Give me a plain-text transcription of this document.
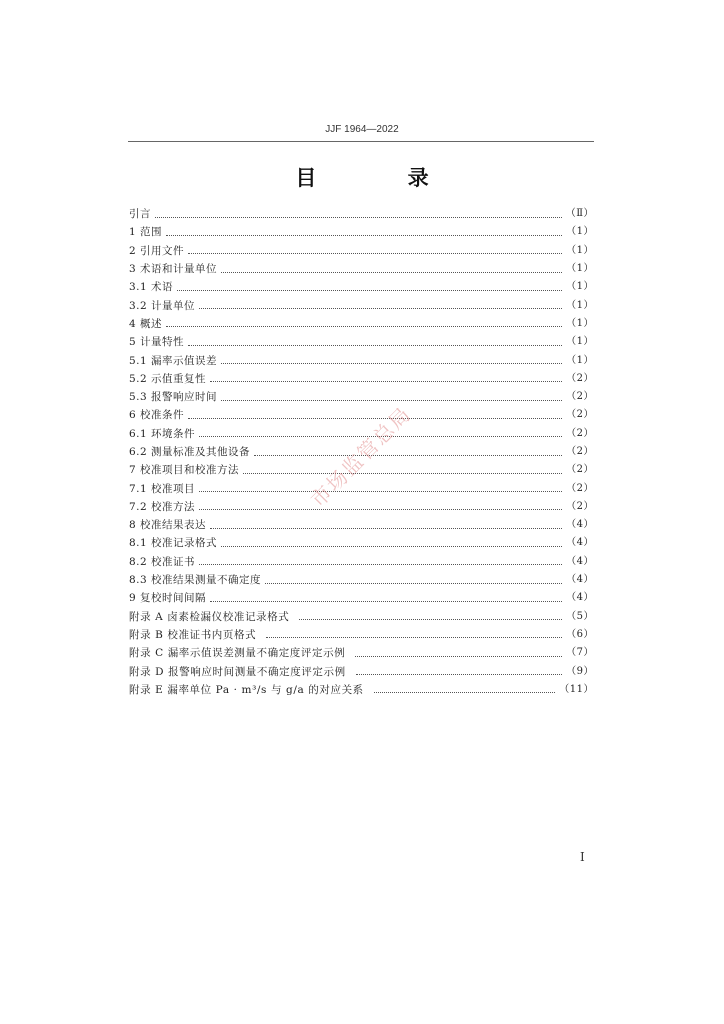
JJF 1964—2022
目 录
引言	（Ⅱ）
1 范围	（1）
2 引用文件	（1）
3 术语和计量单位	（1）
3.1 术语	（1）
3.2 计量单位	（1）
4 概述	（1）
5 计量特性	（1）
5.1 漏率示值误差	（1）
5.2 示值重复性	（2）
5.3 报警响应时间	（2）
6 校准条件	（2）
6.1 环境条件	（2）
6.2 测量标准及其他设备	（2）
7 校准项目和校准方法	（2）
7.1 校准项目	（2）
7.2 校准方法	（2）
8 校准结果表达	（4）
8.1 校准记录格式	（4）
8.2 校准证书	（4）
8.3 校准结果测量不确定度	（4）
9 复校时间间隔	（4）
附录 A 卤素检漏仪校准记录格式	（5）
附录 B 校准证书内页格式	（6）
附录 C 漏率示值误差测量不确定度评定示例	（7）
附录 D 报警响应时间测量不确定度评定示例	（9）
附录 E 漏率单位 Pa · m³/s 与 g/a 的对应关系	（11）
市场监管总局
Ⅰ
